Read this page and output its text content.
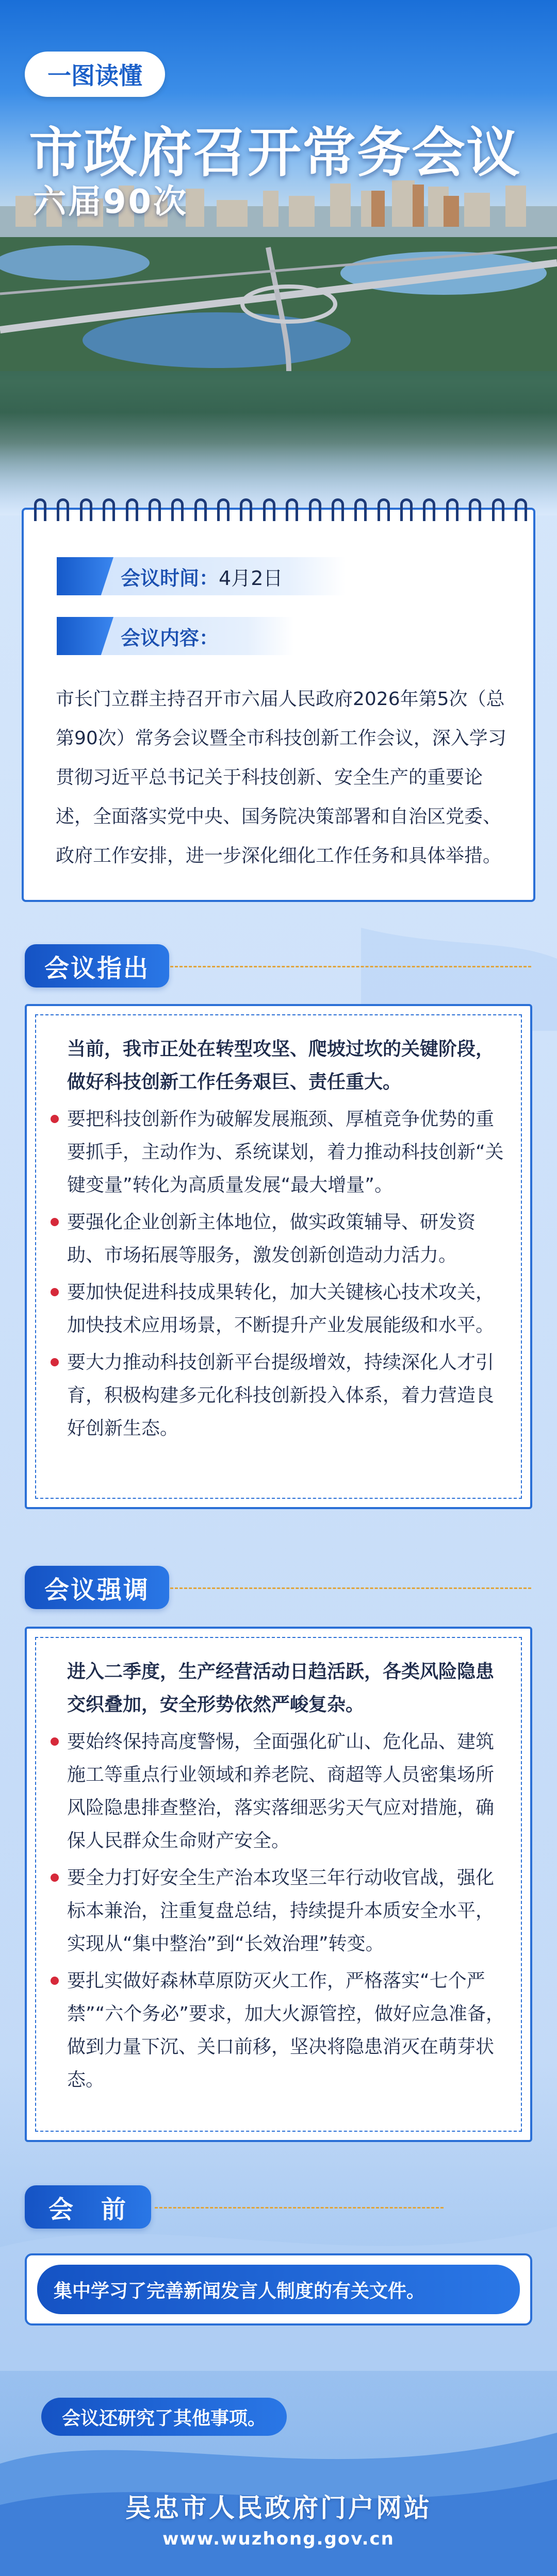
一图读懂
市政府召开常务会议
六届90次
会议时间：4月2日
会议内容：

市长门立群主持召开市六届人民政府2026年第5次（总第90次）常务会议暨全市科技创新工作会议，深入学习贯彻习近平总书记关于科技创新、安全生产的重要论述，全面落实党中央、国务院决策部署和自治区党委、政府工作安排，进一步深化细化工作任务和具体举措。

会议指出

当前，我市正处在转型攻坚、爬坡过坎的关键阶段，做好科技创新工作任务艰巨、责任重大。

要把科技创新作为破解发展瓶颈、厚植竞争优势的重要抓手，主动作为、系统谋划，着力推动科技创新“关键变量”转化为高质量发展“最大增量”。
要强化企业创新主体地位，做实政策辅导、研发资助、市场拓展等服务，激发创新创造动力活力。
要加快促进科技成果转化，加大关键核心技术攻关，加快技术应用场景，不断提升产业发展能级和水平。
要大力推动科技创新平台提级增效，持续深化人才引育，积极构建多元化科技创新投入体系，着力营造良好创新生态。
会议强调

进入二季度，生产经营活动日趋活跃，各类风险隐患交织叠加，安全形势依然严峻复杂。

要始终保持高度警惕，全面强化矿山、危化品、建筑施工等重点行业领域和养老院、商超等人员密集场所风险隐患排查整治，落实落细恶劣天气应对措施，确保人民群众生命财产安全。
要全力打好安全生产治本攻坚三年行动收官战，强化标本兼治，注重复盘总结，持续提升本质安全水平，实现从“集中整治”到“长效治理”转变。
要扎实做好森林草原防灭火工作，严格落实“七个严禁”“六个务必”要求，加大火源管控，做好应急准备，做到力量下沉、关口前移，坚决将隐患消灭在萌芽状态。
会　前
集中学习了完善新闻发言人制度的有关文件。
会议还研究了其他事项。
吴忠市人民政府门户网站
www.wuzhong.gov.cn
